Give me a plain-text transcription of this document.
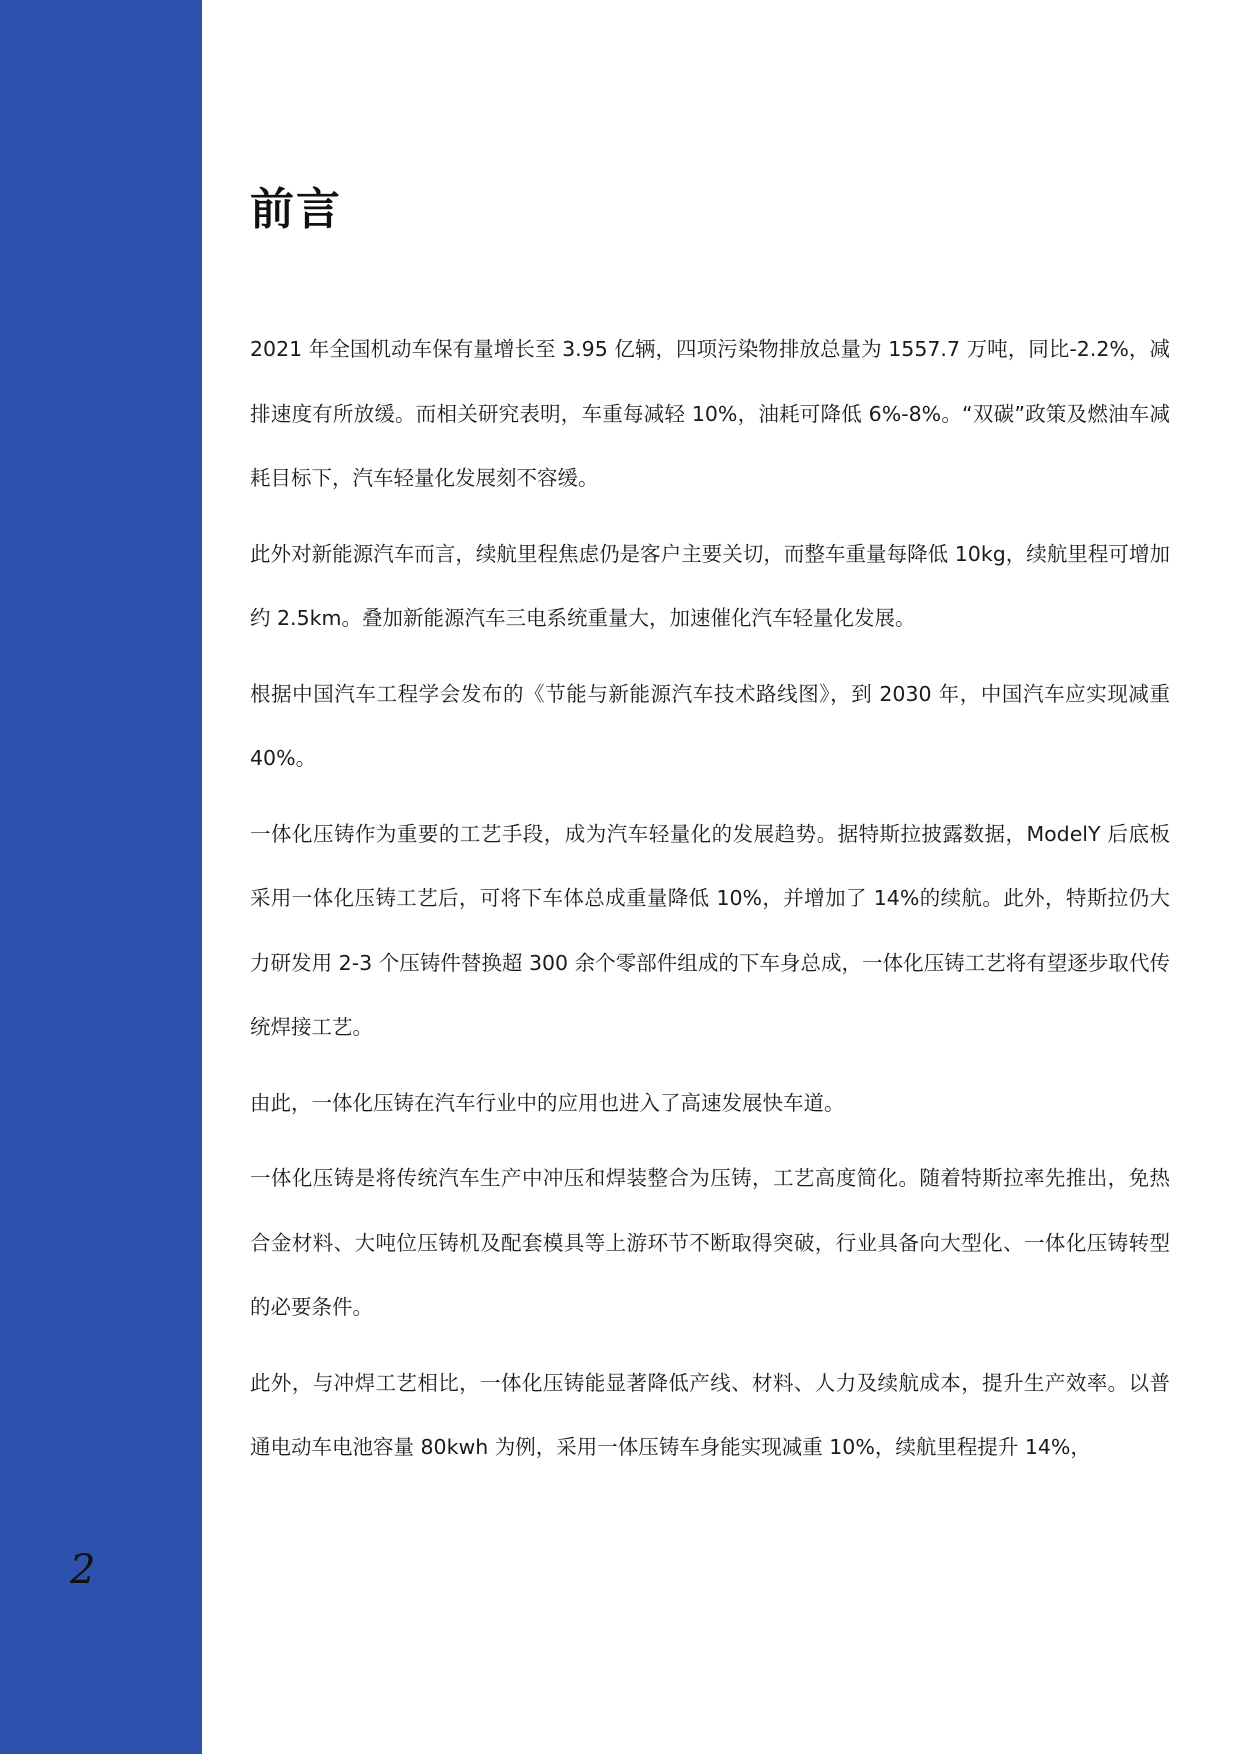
2
前言

2021 年全国机动车保有量增长至 3.95 亿辆，四项污染物排放总量为 1557.7 万吨，同比-2.2%，减排速度有所放缓。而相关研究表明，车重每减轻 10%，油耗可降低 6%-8%。“双碳”政策及燃油车减耗目标下，汽车轻量化发展刻不容缓。

此外对新能源汽车而言，续航里程焦虑仍是客户主要关切，而整车重量每降低 10kg，续航里程可增加约 2.5km。叠加新能源汽车三电系统重量大，加速催化汽车轻量化发展。

根据中国汽车工程学会发布的《节能与新能源汽车技术路线图》，到 2030 年，中国汽车应实现减重 40%。

一体化压铸作为重要的工艺手段，成为汽车轻量化的发展趋势。据特斯拉披露数据，ModelY 后底板采用一体化压铸工艺后，可将下车体总成重量降低 10%，并增加了 14%的续航。此外，特斯拉仍大力研发用 2-3 个压铸件替换超 300 余个零部件组成的下车身总成，一体化压铸工艺将有望逐步取代传统焊接工艺。

由此，一体化压铸在汽车行业中的应用也进入了高速发展快车道。

一体化压铸是将传统汽车生产中冲压和焊装整合为压铸，工艺高度简化。随着特斯拉率先推出，免热合金材料、大吨位压铸机及配套模具等上游环节不断取得突破，行业具备向大型化、一体化压铸转型的必要条件。

此外，与冲焊工艺相比，一体化压铸能显著降低产线、材料、人力及续航成本，提升生产效率。以普通电动车电池容量 80kwh 为例，采用一体压铸车身能实现减重 10%，续航里程提升 14%，
